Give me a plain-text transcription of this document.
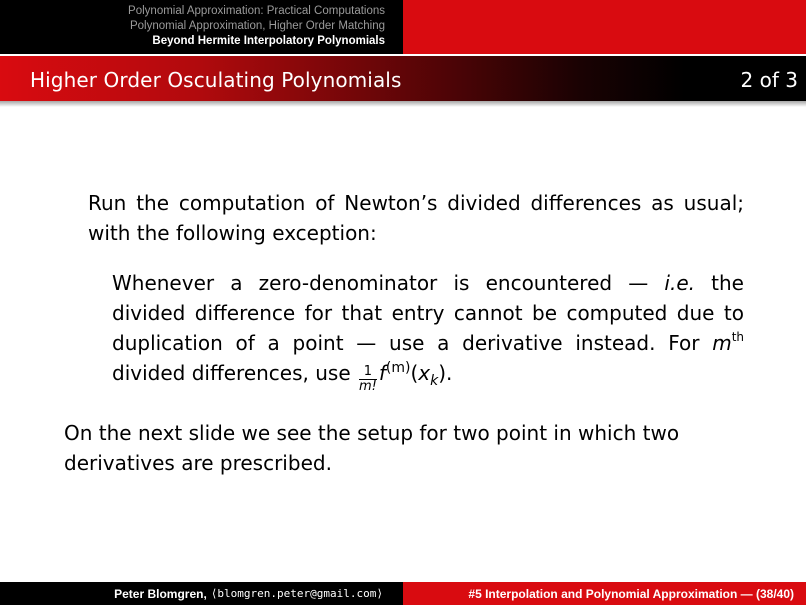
Polynomial Approximation: Practical Computations
Polynomial Approximation, Higher Order Matching
Beyond Hermite Interpolatory Polynomials
Higher Order Osculating Polynomials	2 of 3
Run the computation of Newton’s divided differences as usual; with the following exception:
Whenever a zero-denominator is encountered — i.e. the divided difference for that entry cannot be computed due to duplication of a point — use a derivative instead. For $m^{th}$ divided differences, use $\frac{1}{m!} f^{(m)}(x_k)$.
On the next slide we see the setup for two point in which two derivatives are prescribed.
Peter Blomgren, ⟨blomgren.peter@gmail.com⟩	#5 Interpolation and Polynomial Approximation — (38/40)
